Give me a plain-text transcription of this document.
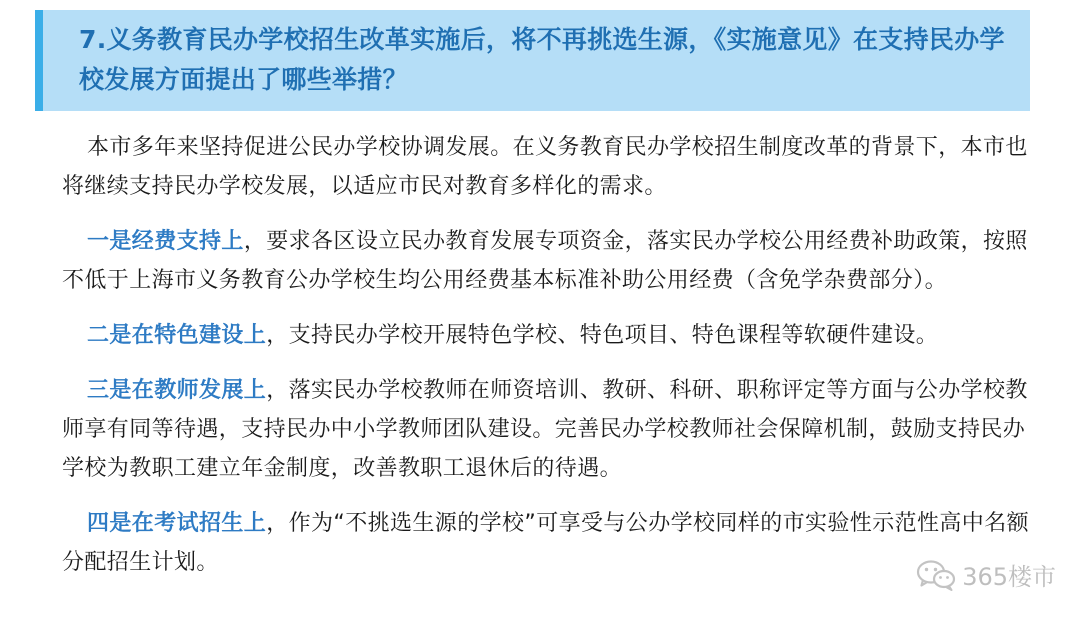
7.义务教育民办学校招生改革实施后，将不再挑选生源，《实施意见》在支持民办学校发展方面提出了哪些举措？

本市多年来坚持促进公民办学校协调发展。在义务教育民办学校招生制度改革的背景下，本市也将继续支持民办学校发展，以适应市民对教育多样化的需求。

一是经费支持上，要求各区设立民办教育发展专项资金，落实民办学校公用经费补助政策，按照不低于上海市义务教育公办学校生均公用经费基本标准补助公用经费（含免学杂费部分）。

二是在特色建设上，支持民办学校开展特色学校、特色项目、特色课程等软硬件建设。

三是在教师发展上，落实民办学校教师在师资培训、教研、科研、职称评定等方面与公办学校教师享有同等待遇，支持民办中小学教师团队建设。完善民办学校教师社会保障机制，鼓励支持民办学校为教职工建立年金制度，改善教职工退休后的待遇。

四是在考试招生上，作为“不挑选生源的学校”可享受与公办学校同样的市实验性示范性高中名额分配招生计划。

365楼市
